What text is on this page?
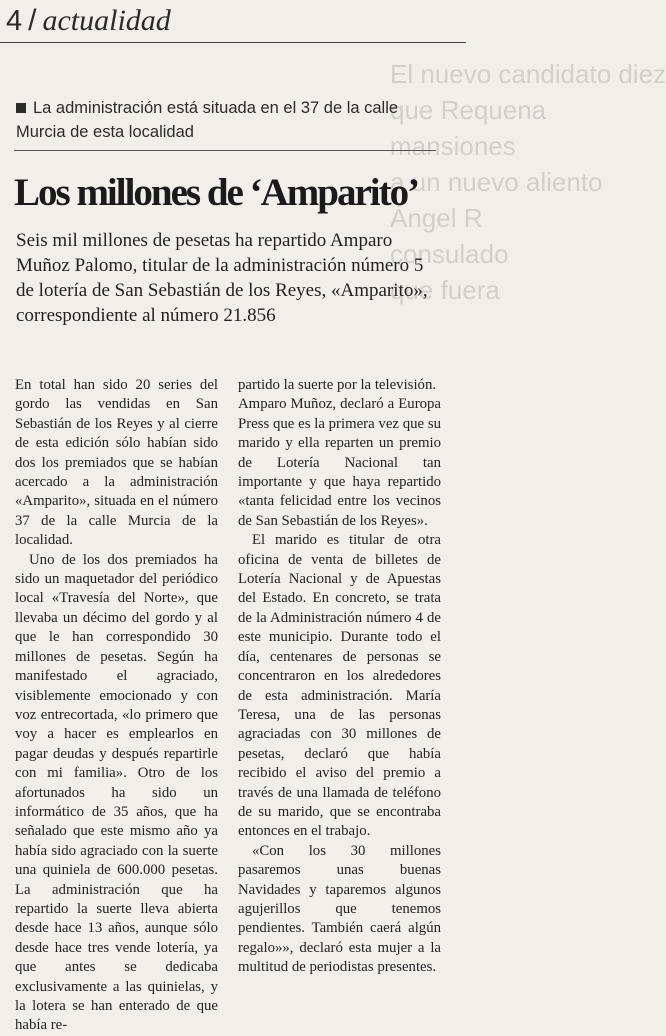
4 / actualidad
El nuevo candidato diez
que Requena
mansiones
a un nuevo aliento
Ángel R
consulado
que fuera
La administración está situada en el 37 de la calle Murcia de esta localidad
Los millones de ‘Amparito’
Seis mil millones de pesetas ha repartido Amparo Muñoz Palomo, titular de la administración número 5 de lotería de San Sebastián de los Reyes, «Amparito», correspondiente al número 21.856

En total han sido 20 series del gordo las vendidas en San Sebastián de los Reyes y al cierre de esta edición sólo habían sido dos los premiados que se habían acercado a la administración «Amparito», situada en el número 37 de la calle Murcia de la localidad.

Uno de los dos premiados ha sido un maquetador del periódico local «Travesía del Norte», que llevaba un décimo del gordo y al que le han correspondido 30 millones de pesetas. Según ha manifestado el agraciado, visiblemente emocionado y con voz entrecortada, «lo primero que voy a hacer es emplearlos en pagar deudas y después repartirle con mi familia». Otro de los afortunados ha sido un informático de 35 años, que ha señalado que este mismo año ya había sido agraciado con la suerte una quiniela de 600.000 pesetas. La administración que ha repartido la suerte lleva abierta desde hace 13 años, aunque sólo desde hace tres vende lotería, ya que antes se dedicaba exclusivamente a las quinielas, y la lotera se han enterado de que había re-

partido la suerte por la televisión.

Amparo Muñoz, declaró a Europa Press que es la primera vez que su marido y ella reparten un premio de Lotería Nacional tan importante y que haya repartido «tanta felicidad entre los vecinos de San Sebastián de los Reyes».

El marido es titular de otra oficina de venta de billetes de Lotería Nacional y de Apuestas del Estado. En concreto, se trata de la Administración número 4 de este municipio. Durante todo el día, centenares de personas se concentraron en los alrededores de esta administración. María Teresa, una de las personas agraciadas con 30 millones de pesetas, declaró que había recibido el aviso del premio a través de una llamada de teléfono de su marido, que se encontraba entonces en el trabajo.

«Con los 30 millones pasaremos unas buenas Navidades y taparemos algunos agujerillos que tenemos pendientes. También caerá algún regalo»», declaró esta mujer a la multitud de periodistas presentes.
